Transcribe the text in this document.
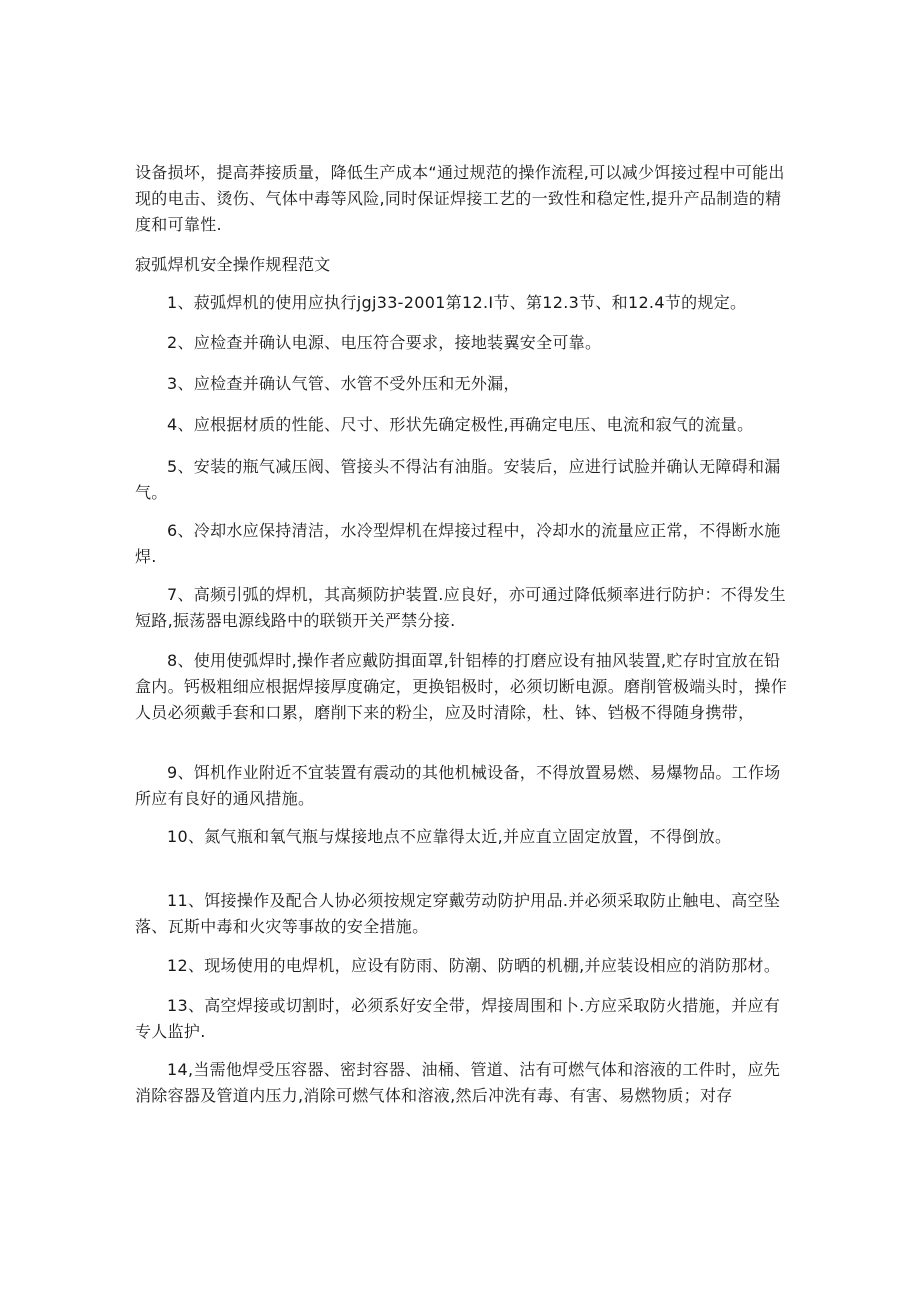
设备损坏，提高莽接质量，降低生产成本“通过规范的操作流程,可以减少饵接过程中可能出现的电击、烫伤、气体中毒等风险,同时保证焊接工艺的一致性和稳定性,提升产品制造的精度和可靠性.

寂弧焊机安全操作规程范文

1、菽弧焊机的使用应执行jgj33-2001第12.I节、第12.3节、和12.4节的规定。

2、应检查并确认电源、电压符合要求，接地装翼安全可靠。

3、应检查并确认气管、水管不受外压和无外漏，

4、应根据材质的性能、尺寸、形状先确定极性,再确定电压、电流和寂气的流量。

5、安装的瓶气减压阀、管接头不得沾有油脂。安装后，应进行试脸并确认无障碍和漏气。

6、冷却水应保持清洁，水冷型焊机在焊接过程中，冷却水的流量应正常，不得断水施焊.

7、高频引弧的焊机，其高频防护装置.应良好，亦可通过降低频率进行防护：不得发生短路,振荡器电源线路中的联锁开关严禁分接.

8、使用使弧焊时,操作者应戴防揖面罩,针铝棒的打磨应设有抽风装置,贮存时宜放在铅盒内。钙极粗细应根据焊接厚度确定，更换铝极时，必须切断电源。磨削管极端头时，操作人员必须戴手套和口累，磨削下来的粉尘，应及时清除，杜、钵、铛极不得随身携带，

9、饵机作业附近不宜装置有震动的其他机械设备，不得放置易燃、易爆物品。工作场所应有良好的通风措施。

10、氮气瓶和氧气瓶与煤接地点不应靠得太近,并应直立固定放置，不得倒放。

11、饵接操作及配合人协必须按规定穿戴劳动防护用品.并必须采取防止触电、高空坠落、瓦斯中毒和火灾等事故的安全措施。

12、现场使用的电焊机，应设有防雨、防潮、防晒的机棚,并应装设相应的消防那材。

13、高空焊接或切割时，必须系好安全带，焊接周围和卜.方应采取防火措施，并应有专人监护.

14,当需他焊受压容器、密封容器、油桶、管道、沽有可燃气体和溶液的工件时，应先消除容器及管道内压力,消除可燃气体和溶液,然后冲洗有毒、有害、易燃物质；对存
